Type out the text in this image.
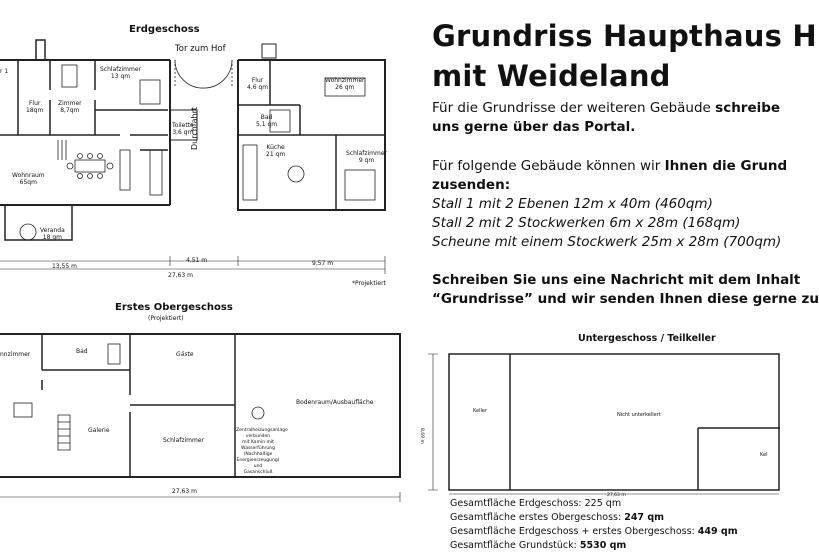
Erdgeschoss
Tor zum Hof
Durchfahrt
r 1	Schlafzimmer
13 qm
Flur
18qm
Zimmer
8,7qm
Toilette
3,6 qm
Flur
4,6 qm
Wohnzimmer
26 qm
Bad
5,1 qm
Küche
21 qm	Schlafzimmer
9 qm
Wohnraum
65qm
Veranda
18 qm
13,55 m
4,51 m	9,57 m
27,63 m
*Projektiert
Erstes Obergeschoss
(Projektiert)
nnzimmer	Bad	Gäste
Galerie
Schlafzimmer
Bodenraum/Ausbaufläche
Zentralheizungsanlage
verbunden
mit Kamin mit Wasserführung
(Nachhaltige
Energieerzeugung) und
Gasanschluß
27,63 m
Grundriss Haupthaus H
mit Weideland
Für die Grundrisse der weiteren Gebäude schreibe
uns gerne über das Portal.
Für folgende Gebäude können wir Ihnen die Grund
zusenden:
Stall 1 mit 2 Ebenen 12m x 40m (460qm)
Stall 2 mit 2 Stockwerken 6m x 28m (168qm)
Scheune mit einem Stockwerk 25m x 28m (700qm)
Schreiben Sie uns eine Nachricht mit dem Inhalt
“Grundrisse” und wir senden Ihnen diese gerne zu
Untergeschoss / Teilkeller
Keller
Nicht unterkellert
Kel
27,63 m
8,69 m
Gesamtfläche Erdgeschoss: 225 qm
Gesamtfläche erstes Obergeschoss: 247 qm
Gesamtfläche Erdgeschoss + erstes Obergeschoss: 449 qm
Gesamtfläche Grundstück: 5530 qm
